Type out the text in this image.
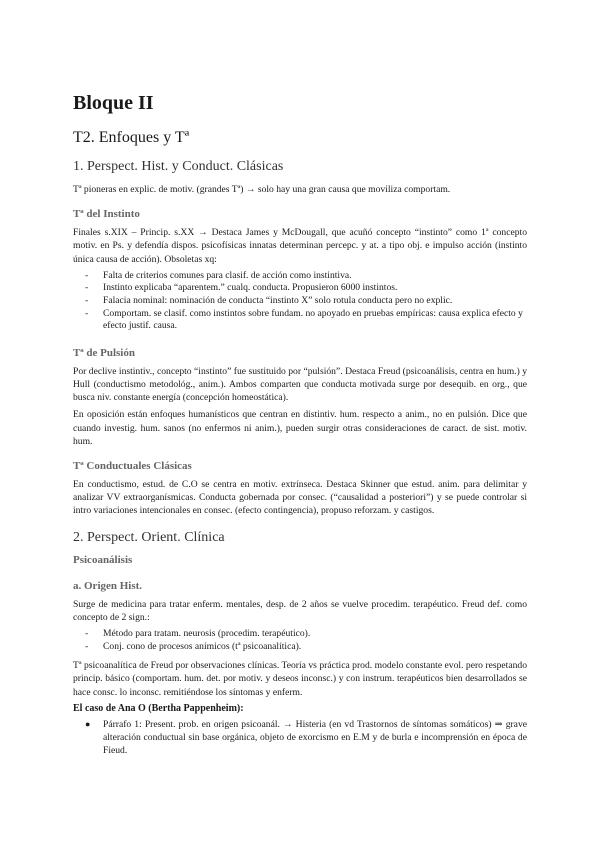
Bloque II
T2. Enfoques y Tª
1. Perspect. Hist. y Conduct. Clásicas

Tª pioneras en explic. de motiv. (grandes Tª) → solo hay una gran causa que moviliza comportam.

Tª del Instinto

Finales s.XIX – Princip. s.XX → Destaca James y McDougall, que acuñó concepto “instinto” como 1ª concepto motiv. en Ps. y defendía dispos. psicofísicas innatas determinan percepc. y at. a tipo obj. e impulso acción (instinto única causa de acción). Obsoletas xq:

- Falta de criterios comunes para clasif. de acción como instintiva.
- Instinto explicaba “aparentem.” cualq. conducta. Propusieron 6000 instintos.
- Falacia nominal: nominación de conducta “instinto X” solo rotula conducta pero no explic.
- Comportam. se clasif. como instintos sobre fundam. no apoyado en pruebas empíricas: causa explica efecto y efecto justif. causa.
Tª de Pulsión

Por declive instintiv., concepto “instinto” fue sustituido por “pulsión”. Destaca Freud (psicoanálisis, centra en hum.) y Hull (conductismo metodológ., anim.). Ambos comparten que conducta motivada surge por desequib. en org., que busca niv. constante energía (concepción homeostática).

En oposición están enfoques humanísticos que centran en distintiv. hum. respecto a anim., no en pulsión. Dice que cuando investig. hum. sanos (no enfermos ni anim.), pueden surgir otras consideraciones de caract. de sist. motiv. hum.

Tª Conductuales Clásicas

En conductismo, estud. de C.O se centra en motiv. extrínseca. Destaca Skinner que estud. anim. para delimitar y analizar VV extraorganísmicas. Conducta gobernada por consec. (“causalidad a posteriori”) y se puede controlar si intro variaciones intencionales en consec. (efecto contingencia), propuso reforzam. y castigos.

2. Perspect. Orient. Clínica
Psicoanálisis
a. Origen Hist.

Surge de medicina para tratar enferm. mentales, desp. de 2 años se vuelve procedim. terapéutico. Freud def. como concepto de 2 sign.:

- Método para tratam. neurosis (procedim. terapéutico).
- Conj. cono de procesos anímicos (tª psicoanalítica).

Tª psicoanalítica de Freud por observaciones clínicas. Teoría vs práctica prod. modelo constante evol. pero respetando princip. básico (comportam. hum. det. por motiv. y deseos inconsc.) y con instrum. terapéuticos bien desarrollados se hace consc. lo inconsc. remitiéndose los síntomas y enferm.

El caso de Ana O (Bertha Pappenheim):
● Párrafo 1: Present. prob. en origen psicoanál. → Histeria (en vd Trastornos de síntomas somáticos) ⇒ grave alteración conductual sin base orgánica, objeto de exorcismo en E.M y de burla e incomprensión en época de Fieud.
